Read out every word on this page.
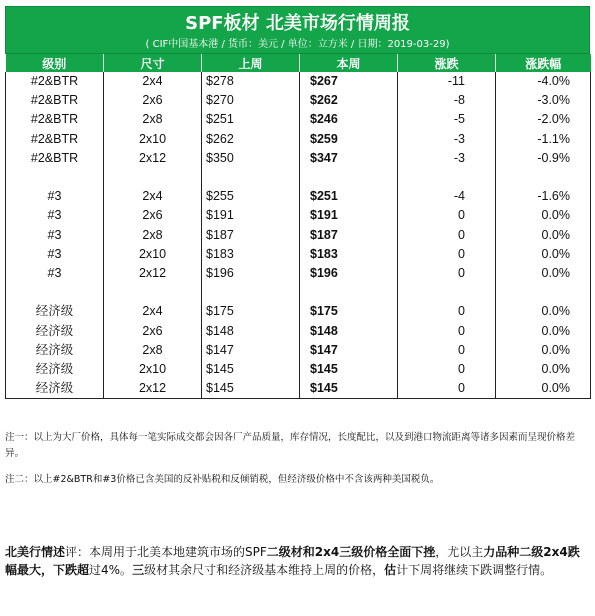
SPF板材 北美市场行情周报
( CIF中国基本港 / 货币：美元 / 单位：立方米 / 日期：2019-03-29)
级别	尺寸	上周	本周	涨跌	涨跌幅
#2&BTR	2x4	$278	$267	-11	-4.0%
#2&BTR	2x6	$270	$262	-8	-3.0%
#2&BTR	2x8	$251	$246	-5	-2.0%
#2&BTR	2x10	$262	$259	-3	-1.1%
#2&BTR	2x12	$350	$347	-3	-0.9%

#3	2x4	$255	$251	-4	-1.6%
#3	2x6	$191	$191	0	0.0%
#3	2x8	$187	$187	0	0.0%
#3	2x10	$183	$183	0	0.0%
#3	2x12	$196	$196	0	0.0%

经济级	2x4	$175	$175	0	0.0%
经济级	2x6	$148	$148	0	0.0%
经济级	2x8	$147	$147	0	0.0%
经济级	2x10	$145	$145	0	0.0%
经济级	2x12	$145	$145	0	0.0%
注一：以上为大厂价格，具体每一笔实际成交都会因各厂产品质量，库存情况，长度配比，以及到港口物流距离等诸多因素而呈现价格差异。
注二：以上#2&BTR和#3价格已含美国的反补贴税和反倾销税，但经济级价格中不含该两种美国税负。
北美行情述评：本周用于北美本地建筑市场的SPF二级材和2x4三级价格全面下挫，尤以主力品种二级2x4跌幅最大，下跌超过4%。三级材其余尺寸和经济级基本维持上周的价格，估计下周将继续下跌调整行情。
